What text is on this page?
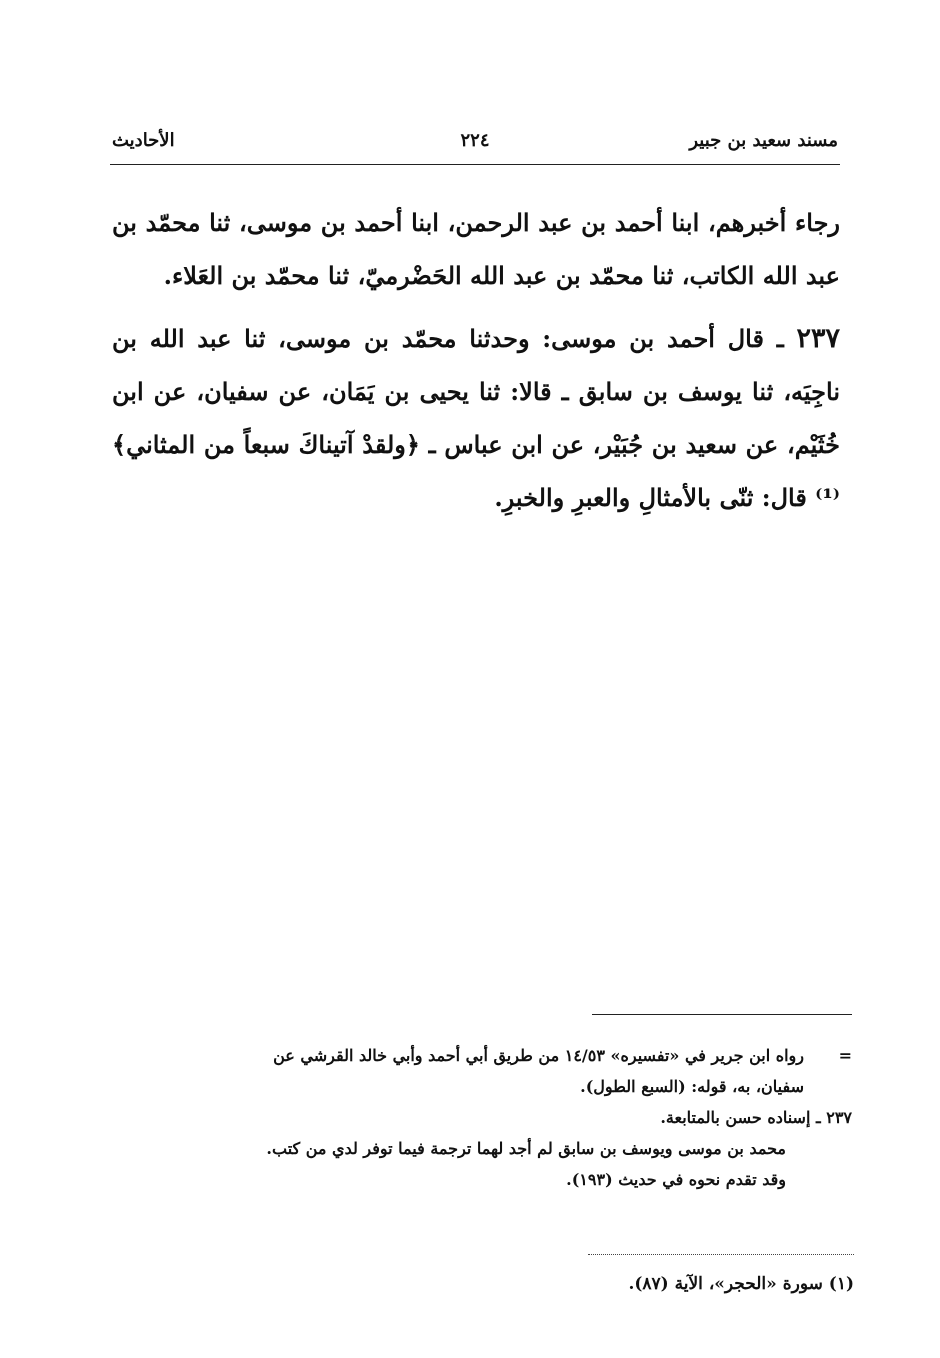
مسند سعيد بن جبير
٢٢٤
الأحاديث

رجاء أخبرهم، ابنا أحمد بن عبد الرحمن، ابنا أحمد بن موسى، ثنا محمّد بن عبد الله الكاتب، ثنا محمّد بن عبد الله الحَضْرميّ، ثنا محمّد بن العَلاء.

٢٣٧ ـ قال أحمد بن موسى: وحدثنا محمّد بن موسى، ثنا عبد الله بن ناجِيَه، ثنا يوسف بن سابق ـ قالا: ثنا يحيى بن يَمَان، عن سفيان، عن ابن خُثَيْم، عن سعيد بن جُبَيْر، عن ابن عباس ـ ﴿ولقدْ آتيناكَ سبعاً من المثاني﴾⁽¹⁾ قال: ثنّى بالأمثالِ والعبرِ والخبرِ.

=
رواه ابن جرير في «تفسيره» ١٤/٥٣ من طريق أبي أحمد وأبي خالد القرشي عن
سفيان، به، قوله: (السبع الطول).
٢٣٧ ـ إسناده حسن بالمتابعة.
محمد بن موسى ويوسف بن سابق لم أجد لهما ترجمة فيما توفر لدي من كتب.
وقد تقدم نحوه في حديث (١٩٣).
(١) سورة «الحجر»، الآية (٨٧).
